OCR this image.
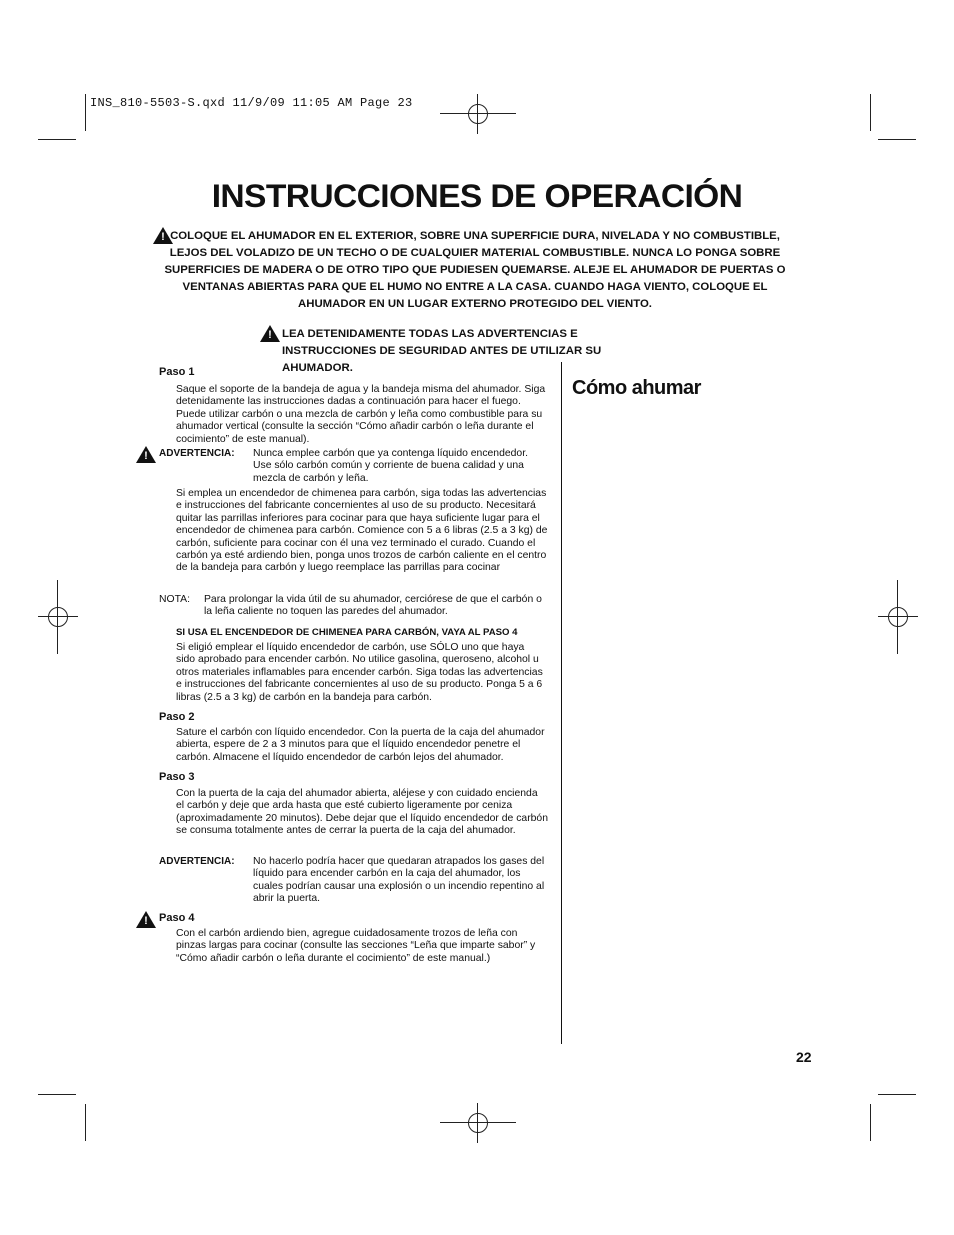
INS_810-5503-S.qxd 11/9/09 11:05 AM Page 23
INSTRUCCIONES DE OPERACIÓN
! COLOQUE EL AHUMADOR EN EL EXTERIOR, SOBRE UNA SUPERFICIE DURA, NIVELADA Y NO COMBUSTIBLE, LEJOS DEL VOLADIZO DE UN TECHO O DE CUALQUIER MATERIAL COMBUSTIBLE. NUNCA LO PONGA SOBRE SUPERFICIES DE MADERA O DE OTRO TIPO QUE PUDIESEN QUEMARSE. ALEJE EL AHUMADOR DE PUERTAS O VENTANAS ABIERTAS PARA QUE EL HUMO NO ENTRE A LA CASA. CUANDO HAGA VIENTO, COLOQUE EL AHUMADOR EN UN LUGAR EXTERNO PROTEGIDO DEL VIENTO.
! LEA DETENIDAMENTE TODAS LAS ADVERTENCIAS E INSTRUCCIONES DE SEGURIDAD ANTES DE UTILIZAR SU AHUMADOR.
Paso 1
Saque el soporte de la bandeja de agua y la bandeja misma del ahumador. Siga detenidamente las instrucciones dadas a continuación para hacer el fuego. Puede utilizar carbón o una mezcla de carbón y leña como combustible para su ahumador vertical (consulte la sección “Cómo añadir carbón o leña durante el cocimiento” de este manual).
!	ADVERTENCIA: Nunca emplee carbón que ya contenga líquido encendedor. Use sólo carbón común y corriente de buena calidad y una mezcla de carbón y leña.
Si emplea un encendedor de chimenea para carbón, siga todas las advertencias e instrucciones del fabricante concernientes al uso de su producto. Necesitará quitar las parrillas inferiores para cocinar para que haya suficiente lugar para el encendedor de chimenea para carbón. Comience con 5 a 6 libras (2.5 a 3 kg) de carbón, suficiente para cocinar con él una vez terminado el curado. Cuando el carbón ya esté ardiendo bien, ponga unos trozos de carbón caliente en el centro de la bandeja para carbón y luego reemplace las parrillas para cocinar
NOTA: Para prolongar la vida útil de su ahumador, cerciórese de que el carbón o la leña caliente no toquen las paredes del ahumador.
SI USA EL ENCENDEDOR DE CHIMENEA PARA CARBÓN, VAYA AL PASO 4
Si eligió emplear el líquido encendedor de carbón, use SÓLO uno que haya sido aprobado para encender carbón. No utilice gasolina, queroseno, alcohol u otros materiales inflamables para encender carbón. Siga todas las advertencias e instrucciones del fabricante concernientes al uso de su producto. Ponga 5 a 6 libras (2.5 a 3 kg) de carbón en la bandeja para carbón.
Paso 2
Sature el carbón con líquido encendedor. Con la puerta de la caja del ahumador abierta, espere de 2 a 3 minutos para que el líquido encendedor penetre el carbón. Almacene el líquido encendedor de carbón lejos del ahumador.
Paso 3
Con la puerta de la caja del ahumador abierta, aléjese y con cuidado encienda el carbón y deje que arda hasta que esté cubierto ligeramente por ceniza (aproximadamente 20 minutos). Debe dejar que el líquido encendedor de carbón se consuma totalmente antes de cerrar la puerta de la caja del ahumador.
ADVERTENCIA: No hacerlo podría hacer que quedaran atrapados los gases del líquido para encender carbón en la caja del ahumador, los cuales podrían causar una explosión o un incendio repentino al abrir la puerta.
!	Paso 4
Con el carbón ardiendo bien, agregue cuidadosamente trozos de leña con pinzas largas para cocinar (consulte las secciones “Leña que imparte sabor” y “Cómo añadir carbón o leña durante el cocimiento” de este manual.)
Cómo ahumar
22
